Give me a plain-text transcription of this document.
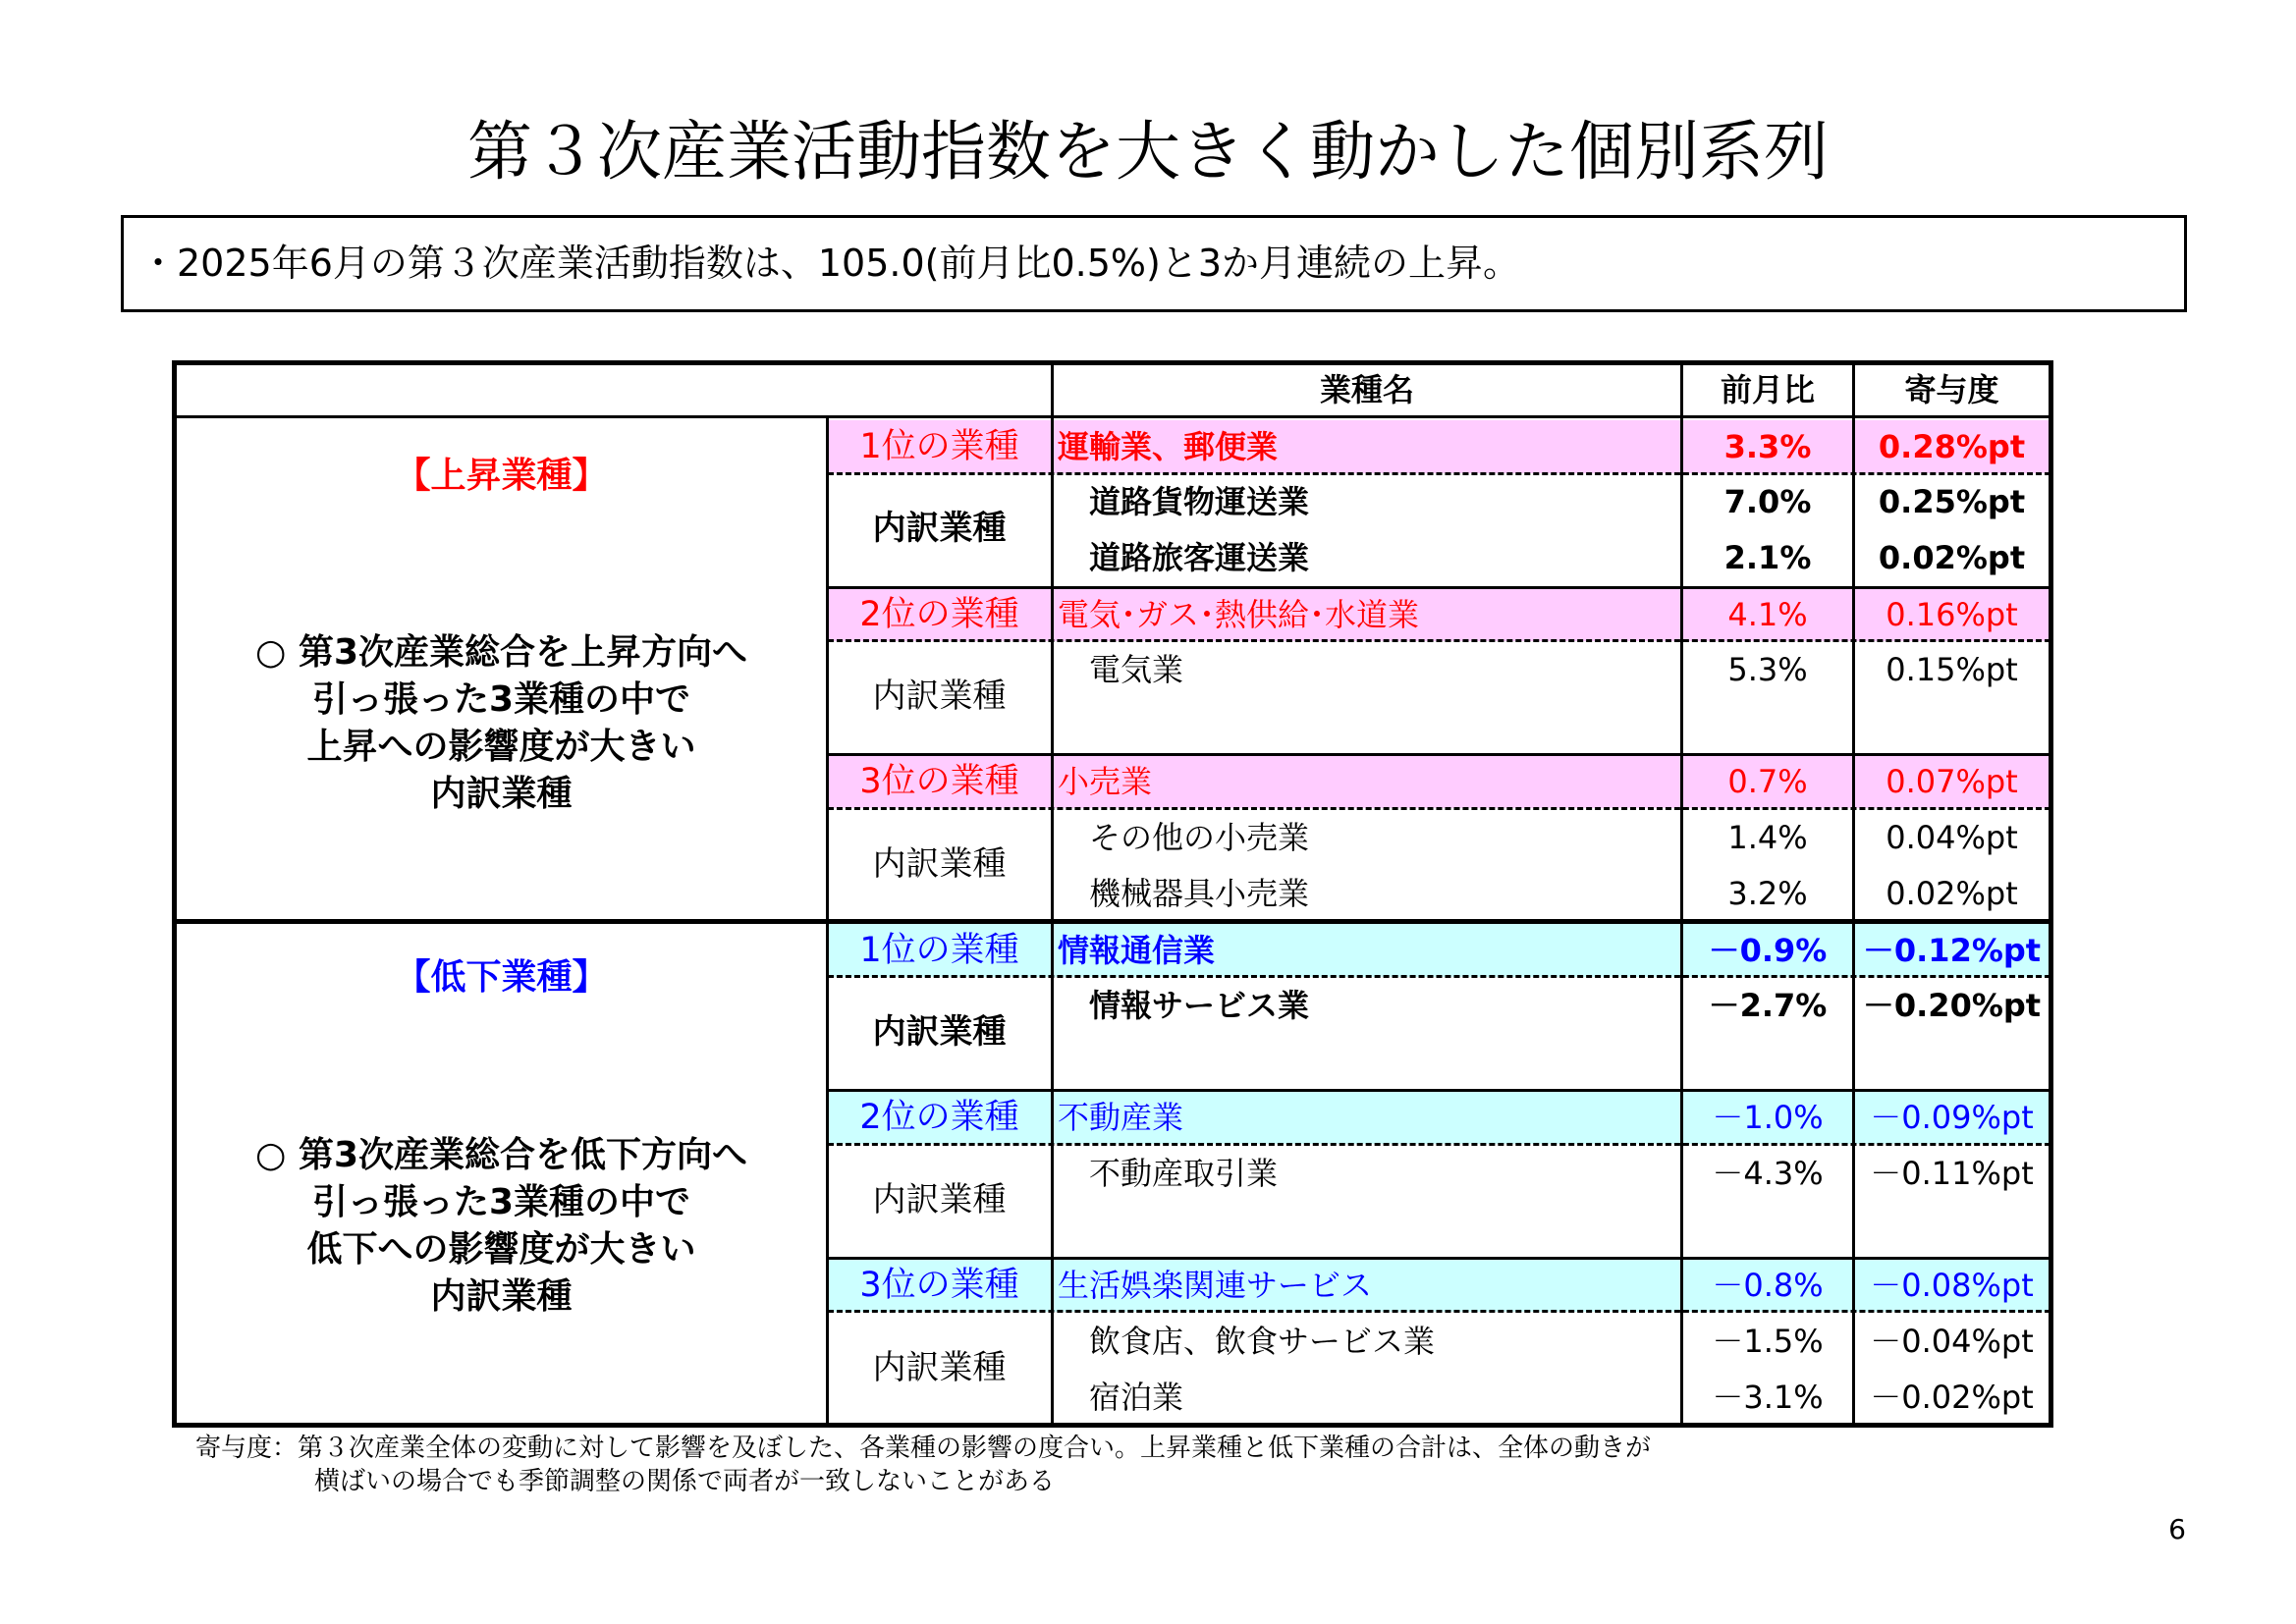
第３次産業活動指数を大きく動かした個別系列
・2025年6月の第３次産業活動指数は、105.0(前月比0.5%)と3か月連続の上昇。
業種名	前月比	寄与度
【上昇業種】
○ 第3次産業総合を上昇方向へ
引っ張った3業種の中で
上昇への影響度が大きい
内訳業種
1位の業種	運輸業、郵便業	3.3%	0.28%pt
内訳業種
道路貨物運送業	7.0%	0.25%pt
道路旅客運送業	2.1%	0.02%pt
2位の業種	電気･ガス･熱供給･水道業	4.1%	0.16%pt
内訳業種
電気業	5.3%	0.15%pt
3位の業種	小売業	0.7%	0.07%pt
内訳業種
その他の小売業	1.4%	0.04%pt
機械器具小売業	3.2%	0.02%pt
【低下業種】
○ 第3次産業総合を低下方向へ
引っ張った3業種の中で
低下への影響度が大きい
内訳業種
1位の業種	情報通信業	－0.9%	－0.12%pt
内訳業種
情報サービス業	－2.7%	－0.20%pt
2位の業種	不動産業	－1.0%	－0.09%pt
内訳業種
不動産取引業	－4.3%	－0.11%pt
3位の業種	生活娯楽関連サービス	－0.8%	－0.08%pt
内訳業種
飲食店、飲食サービス業	－1.5%	－0.04%pt
宿泊業	－3.1%	－0.02%pt
寄与度：第３次産業全体の変動に対して影響を及ぼした、各業種の影響の度合い。上昇業種と低下業種の合計は、全体の動きが
横ばいの場合でも季節調整の関係で両者が一致しないことがある
6
